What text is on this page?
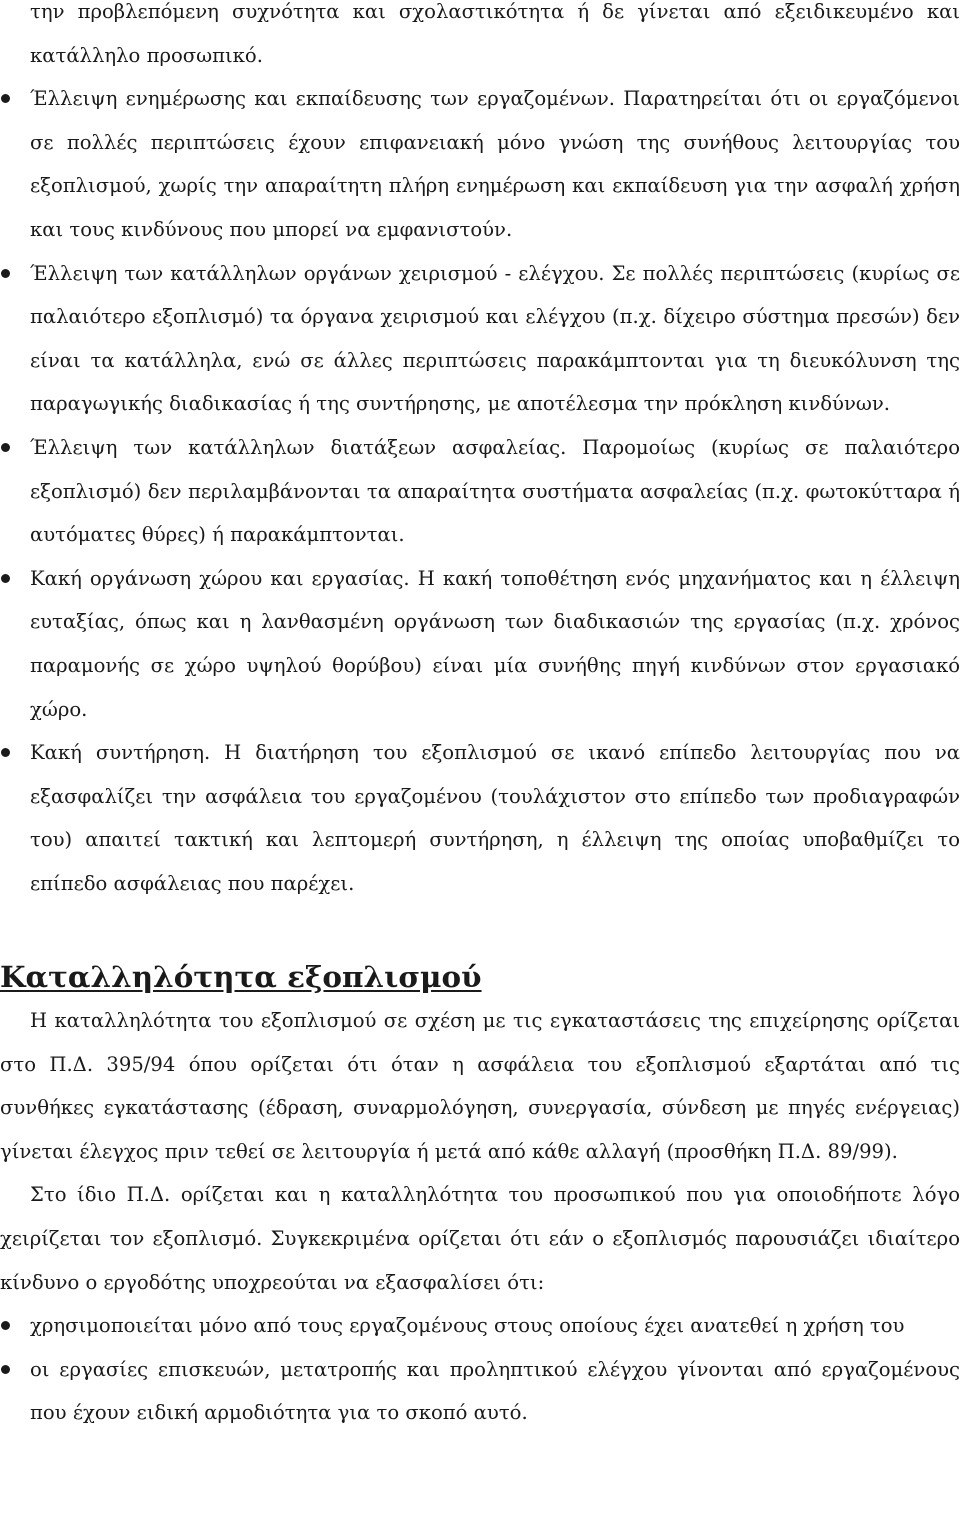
την προβλεπόμενη συχνότητα και σχολαστικότητα ή δε γίνεται από εξειδικευμένο και κατάλληλο προσωπικό.

Έλλειψη ενημέρωσης και εκπαίδευσης των εργαζομένων. Παρατηρείται ότι οι εργαζόμενοι σε πολλές περιπτώσεις έχουν επιφανειακή μόνο γνώση της συνήθους λειτουργίας του εξοπλισμού, χωρίς την απαραίτητη πλήρη ενημέρωση και εκπαίδευση για την ασφαλή χρήση και τους κινδύνους που μπορεί να εμφανιστούν.
Έλλειψη των κατάλληλων οργάνων χειρισμού - ελέγχου. Σε πολλές περιπτώσεις (κυρίως σε παλαιότερο εξοπλισμό) τα όργανα χειρισμού και ελέγχου (π.χ. δίχειρο σύστημα πρεσών) δεν είναι τα κατάλληλα, ενώ σε άλλες περιπτώσεις παρακάμπτονται για τη διευκόλυνση της παραγωγικής διαδικασίας ή της συντήρησης, με αποτέλεσμα την πρόκληση κινδύνων.
Έλλειψη των κατάλληλων διατάξεων ασφαλείας. Παρομοίως (κυρίως σε παλαιότερο εξοπλισμό) δεν περιλαμβάνονται τα απαραίτητα συστήματα ασφαλείας (π.χ. φωτοκύτταρα ή αυτόματες θύρες) ή παρακάμπτονται.
Κακή οργάνωση χώρου και εργασίας. Η κακή τοποθέτηση ενός μηχανήματος και η έλλειψη ευταξίας, όπως και η λανθασμένη οργάνωση των διαδικασιών της εργασίας (π.χ. χρόνος παραμονής σε χώρο υψηλού θορύβου) είναι μία συνήθης πηγή κινδύνων στον εργασιακό χώρο.
Κακή συντήρηση. Η διατήρηση του εξοπλισμού σε ικανό επίπεδο λειτουργίας που να εξασφαλίζει την ασφάλεια του εργαζομένου (τουλάχιστον στο επίπεδο των προδιαγραφών του) απαιτεί τακτική και λεπτομερή συντήρηση, η έλλειψη της οποίας υποβαθμίζει το επίπεδο ασφάλειας που παρέχει.
Καταλληλότητα εξοπλισμού

Η καταλληλότητα του εξοπλισμού σε σχέση με τις εγκαταστάσεις της επιχείρησης ορίζεται στο Π.Δ. 395/94 όπου ορίζεται ότι όταν η ασφάλεια του εξοπλισμού εξαρτάται από τις συνθήκες εγκατάστασης (έδραση, συναρμολόγηση, συνεργασία, σύνδεση με πηγές ενέργειας) γίνεται έλεγχος πριν τεθεί σε λειτουργία ή μετά από κάθε αλλαγή (προσθήκη Π.Δ. 89/99).

Στο ίδιο Π.Δ. ορίζεται και η καταλληλότητα του προσωπικού που για οποιοδήποτε λόγο χειρίζεται τον εξοπλισμό. Συγκεκριμένα ορίζεται ότι εάν ο εξοπλισμός παρουσιάζει ιδιαίτερο κίνδυνο ο εργοδότης υποχρεούται να εξασφαλίσει ότι:

χρησιμοποιείται μόνο από τους εργαζομένους στους οποίους έχει ανατεθεί η χρήση του
οι εργασίες επισκευών, μετατροπής και προληπτικού ελέγχου γίνονται από εργαζομένους που έχουν ειδική αρμοδιότητα για το σκοπό αυτό.
